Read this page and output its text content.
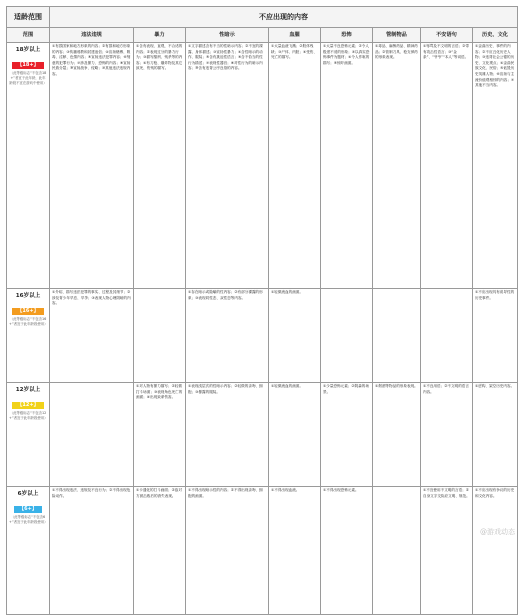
适龄范围	不应出现的内容							
范围	违法违规	暴力	性暗示	血腥	恐怖	管制物品	不安语句	历史、文化

18岁以上

【18+】
（此等级标志“不包含18+”者宜于此年龄，此年龄段不宜在游戏中使用）	①有损国家和地方形象的内容；②有损和地方形象的内容；③传播邪教和封建迷信；④宣扬赌博、吸毒、淫秽、色情内容；⑤宣扬违法犯罪内容；⑥刻意的犯罪行为；⑦涉及暴力、恐怖的内容；⑧宣扬民族分裂；⑨宣扬战争、侵略；⑩其他违法违规内容。	①含有表现、直观，不合适的内容；②表现过分的暴力行为；③描写酷刑、残杀等的内容；④有刀枪、爆炸物及其它致死、伤残的描写。	①文字描述含有不当的性暗示内容；②不宜的裸露、身体描述；③宣扬性暴力；④含性暗示的动作、服装；⑤含有挑逗性语言；⑥含不恰当的性行为描述；⑦表现性器官；⑧对性行为的暗示内容；⑨含有违背公序良俗的内容。	①大量血液飞溅；②肢体残缺；③尸体、内脏；④受伤、死亡的描写。	①大量不良恐怖元素；②令人极度不适的形象；③以真实恐怖事件为题材；④令人作呕的描写；⑤惊吓画面。	①毒品、麻醉药品、精神药品；②管制刀具、枪支弹药的形象表现。	①辱骂及不文明的言语；②带有攻击性语言；③“金条”、“爷爷”“本人”等词语。	①歪曲历史、事件的内容；②不应丑化历史人物；③违背社会公德的历史、文化观点；④歪曲民族文化、民俗；⑤诋毁历史英雄人物；⑥宣扬与主流价值观相悖的内容；⑦其他不当内容。

16岁以上

【16+】
（此等级标志“不包含16+”者宜于此年龄段使用）	①介绍、描写违法犯罪的事实、过程及其细节；②涉及青少年早恋、早孕；③表现人物心理阴暗的内容。		①存在暗示或隐喻的性内容；②有部分裸露的形象；③表现同性恋、双性恋等内容。	①轻微流血的画面。				①不应出现具有误导性的历史事件。

12岁以上

【12+】
（此等级标志“不包含12+”者宜于此年龄段使用）		①对人物有暴力描写；②轻微打斗场面；③表现角色死亡的画面；④出现致命伤害。	①表现浅层次的性暗示内容；②轻微的亲吻、拥抱；③暴露的服装。	①轻微流血的画面。	①少量恐怖元素；②阴森的场景。	①烟酒等物品的形象表现。	①不良用语；②不文明的语言内容。	①虚构、架空历史内容。

6岁以上

【6+】
（此等级标志“不包含6+”者宜于此年龄段使用）	①不得出现违法、违规及不良行为；②不得出现危险动作。	①卡通化的打斗画面；②敌对方被击败后的消失表现。	①不得出现暗示性的内容；②不得出现亲吻、拥抱的画面。	①不得出现血液。	①不得出现恐怖元素。		①不宜使用不文明的言语；②自身文字交际应文明、规范。	①不应出现有争议的历史和文化内容。

@游戏动态
